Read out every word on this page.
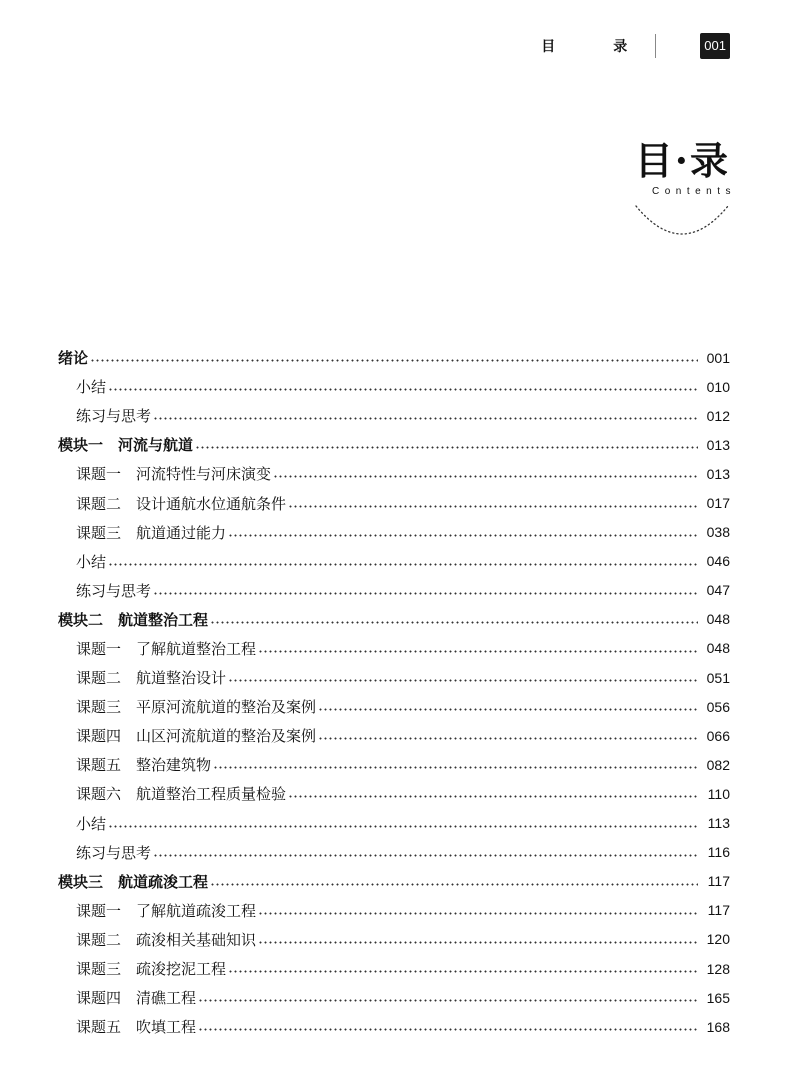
目　录	001
目·录
Contents
绪论	001
小结	010
练习与思考	012
模块一　河流与航道	013
课题一　河流特性与河床演变	013
课题二　设计通航水位通航条件	017
课题三　航道通过能力	038
小结	046
练习与思考	047
模块二　航道整治工程	048
课题一　了解航道整治工程	048
课题二　航道整治设计	051
课题三　平原河流航道的整治及案例	056
课题四　山区河流航道的整治及案例	066
课题五　整治建筑物	082
课题六　航道整治工程质量检验	110
小结	113
练习与思考	116
模块三　航道疏浚工程	117
课题一　了解航道疏浚工程	117
课题二　疏浚相关基础知识	120
课题三　疏浚挖泥工程	128
课题四　清礁工程	165
课题五　吹填工程	168
